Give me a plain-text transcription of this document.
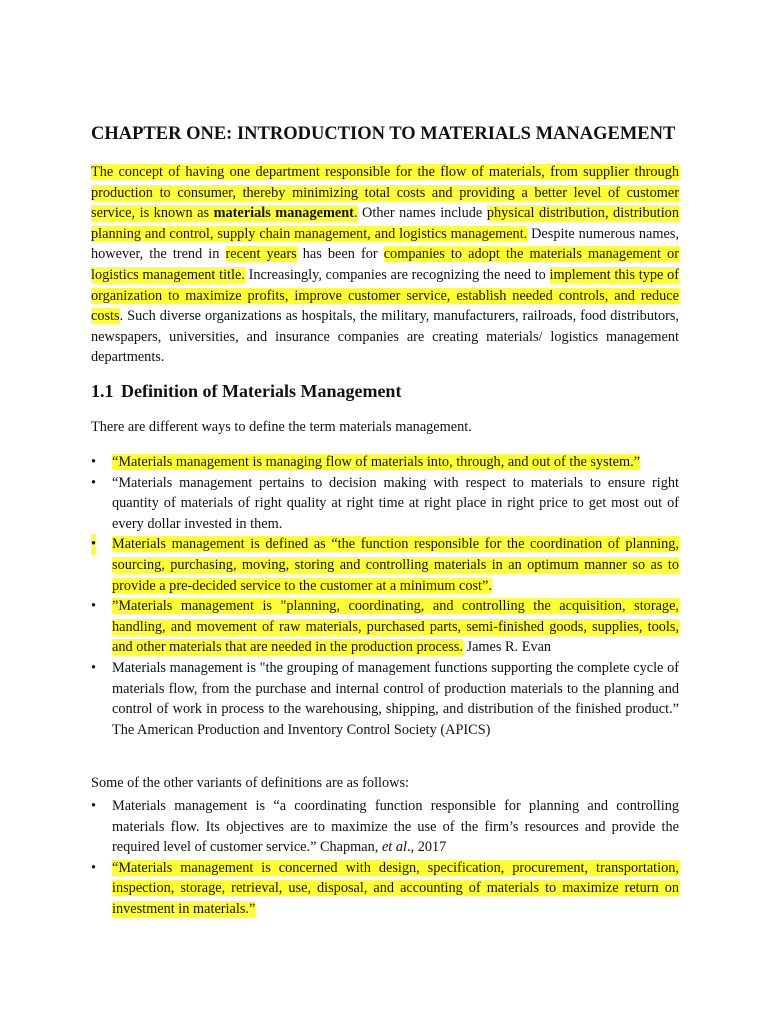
CHAPTER ONE: INTRODUCTION TO MATERIALS MANAGEMENT

The concept of having one department responsible for the flow of materials, from supplier through production to consumer, thereby minimizing total costs and providing a better level of customer service, is known as materials management. Other names include physical distribution, distribution planning and control, supply chain management, and logistics management. Despite numerous names, however, the trend in recent years has been for companies to adopt the materials management or logistics management title. Increasingly, companies are recognizing the need to implement this type of organization to maximize profits, improve customer service, establish needed controls, and reduce costs. Such diverse organizations as hospitals, the military, manufacturers, railroads, food distributors, newspapers, universities, and insurance companies are creating materials/ logistics management departments.

1.1 Definition of Materials Management

There are different ways to define the term materials management.

• “Materials management is managing flow of materials into, through, and out of the system.”
• “Materials management pertains to decision making with respect to materials to ensure right quantity of materials of right quality at right time at right place in right price to get most out of every dollar invested in them.
• Materials management is defined as “the function responsible for the coordination of planning, sourcing, purchasing, moving, storing and controlling materials in an optimum manner so as to provide a pre-decided service to the customer at a minimum cost”.
• ”Materials management is "planning, coordinating, and controlling the acquisition, storage, handling, and movement of raw materials, purchased parts, semi-finished goods, supplies, tools, and other materials that are needed in the production process. James R. Evan
• Materials management is "the grouping of management functions supporting the complete cycle of materials flow, from the purchase and internal control of production materials to the planning and control of work in process to the warehousing, shipping, and distribution of the finished product.” The American Production and Inventory Control Society (APICS)

Some of the other variants of definitions are as follows:

• Materials management is “a coordinating function responsible for planning and controlling materials flow. Its objectives are to maximize the use of the firm’s resources and provide the required level of customer service.” Chapman, et al., 2017
• “Materials management is concerned with design, specification, procurement, transportation, inspection, storage, retrieval, use, disposal, and accounting of materials to maximize return on investment in materials.”
